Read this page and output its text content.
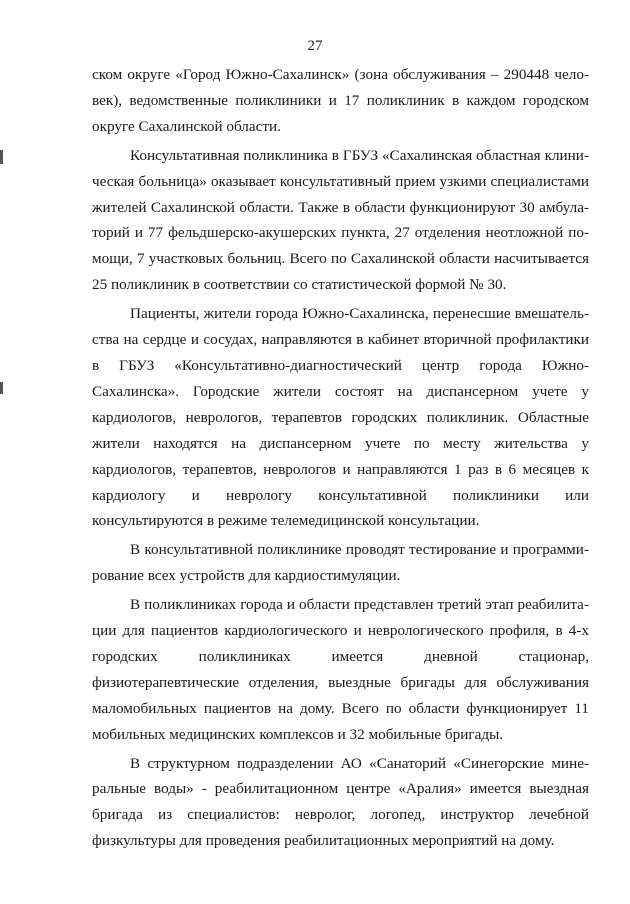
27

ском округе «Город Южно-Сахалинск» (зона обслуживания – 290448 человек), ведомственные поликлиники и 17 поликлиник в каждом городском округе Сахалинской области.

Консультативная поликлиника в ГБУЗ «Сахалинская областная клиническая больница» оказывает консультативный прием узкими специалистами жителей Сахалинской области. Также в области функционируют 30 амбулаторий и 77 фельдшерско-акушерских пункта, 27 отделения неотложной помощи, 7 участковых больниц. Всего по Сахалинской области насчитывается 25 поликлиник в соответствии со статистической формой № 30.

Пациенты, жители города Южно-Сахалинска, перенесшие вмешательства на сердце и сосудах, направляются в кабинет вторичной профилактики в ГБУЗ «Консультативно-диагностический центр города Южно-Сахалинска». Городские жители состоят на диспансерном учете у кардиологов, неврологов, терапевтов городских поликлиник. Областные жители находятся на диспансерном учете по месту жительства у кардиологов, терапевтов, неврологов и направляются 1 раз в 6 месяцев к кардиологу и неврологу консультативной поликлиники или консультируются в режиме телемедицинской консультации.

В консультативной поликлинике проводят тестирование и программирование всех устройств для кардиостимуляции.

В поликлиниках города и области представлен третий этап реабилитации для пациентов кардиологического и неврологического профиля, в 4-х городских поликлиниках имеется дневной стационар, физиотерапевтические отделения, выездные бригады для обслуживания маломобильных пациентов на дому. Всего по области функционирует 11 мобильных медицинских комплексов и 32 мобильные бригады.

В структурном подразделении АО «Санаторий «Синегорские минеральные воды» - реабилитационном центре «Аралия» имеется выездная бригада из специалистов: невролог, логопед, инструктор лечебной физкультуры для проведения реабилитационных мероприятий на дому.
